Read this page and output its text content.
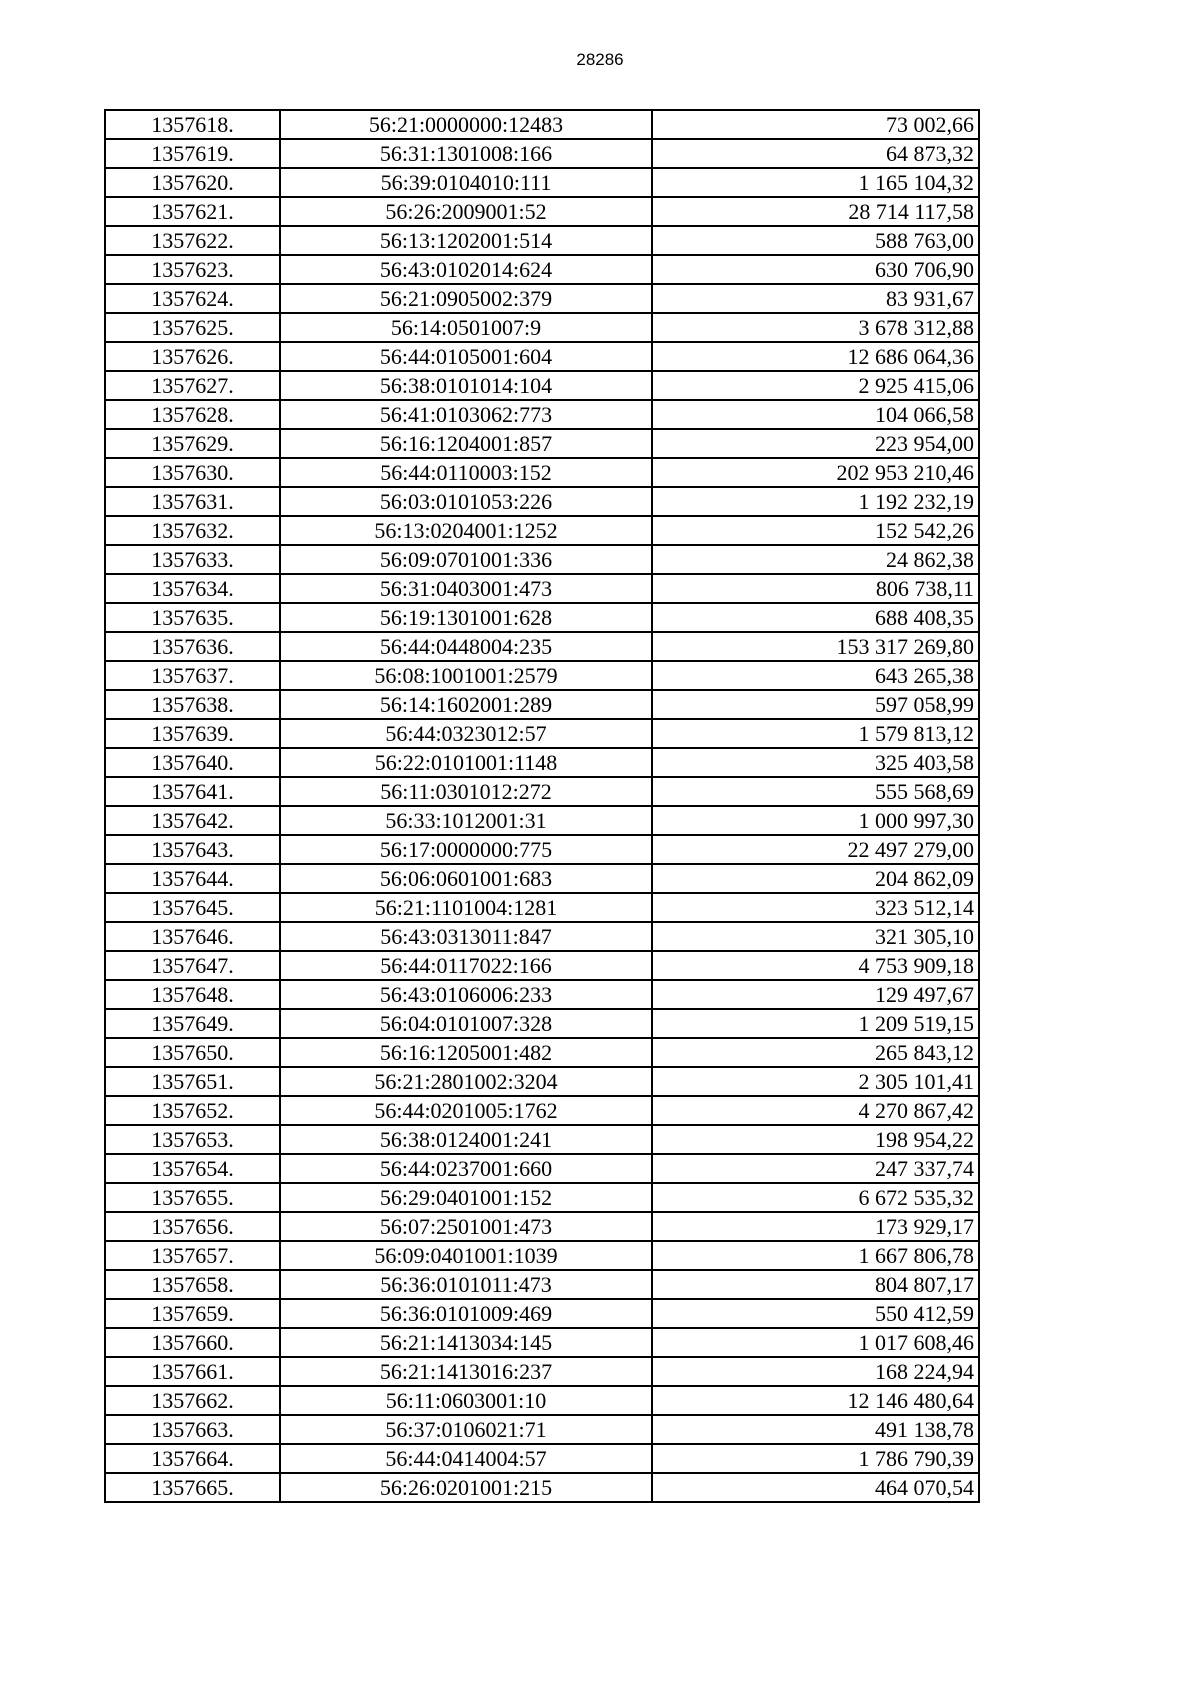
28286
1357618.	56:21:0000000:12483	73 002,66
1357619.	56:31:1301008:166	64 873,32
1357620.	56:39:0104010:111	1 165 104,32
1357621.	56:26:2009001:52	28 714 117,58
1357622.	56:13:1202001:514	588 763,00
1357623.	56:43:0102014:624	630 706,90
1357624.	56:21:0905002:379	83 931,67
1357625.	56:14:0501007:9	3 678 312,88
1357626.	56:44:0105001:604	12 686 064,36
1357627.	56:38:0101014:104	2 925 415,06
1357628.	56:41:0103062:773	104 066,58
1357629.	56:16:1204001:857	223 954,00
1357630.	56:44:0110003:152	202 953 210,46
1357631.	56:03:0101053:226	1 192 232,19
1357632.	56:13:0204001:1252	152 542,26
1357633.	56:09:0701001:336	24 862,38
1357634.	56:31:0403001:473	806 738,11
1357635.	56:19:1301001:628	688 408,35
1357636.	56:44:0448004:235	153 317 269,80
1357637.	56:08:1001001:2579	643 265,38
1357638.	56:14:1602001:289	597 058,99
1357639.	56:44:0323012:57	1 579 813,12
1357640.	56:22:0101001:1148	325 403,58
1357641.	56:11:0301012:272	555 568,69
1357642.	56:33:1012001:31	1 000 997,30
1357643.	56:17:0000000:775	22 497 279,00
1357644.	56:06:0601001:683	204 862,09
1357645.	56:21:1101004:1281	323 512,14
1357646.	56:43:0313011:847	321 305,10
1357647.	56:44:0117022:166	4 753 909,18
1357648.	56:43:0106006:233	129 497,67
1357649.	56:04:0101007:328	1 209 519,15
1357650.	56:16:1205001:482	265 843,12
1357651.	56:21:2801002:3204	2 305 101,41
1357652.	56:44:0201005:1762	4 270 867,42
1357653.	56:38:0124001:241	198 954,22
1357654.	56:44:0237001:660	247 337,74
1357655.	56:29:0401001:152	6 672 535,32
1357656.	56:07:2501001:473	173 929,17
1357657.	56:09:0401001:1039	1 667 806,78
1357658.	56:36:0101011:473	804 807,17
1357659.	56:36:0101009:469	550 412,59
1357660.	56:21:1413034:145	1 017 608,46
1357661.	56:21:1413016:237	168 224,94
1357662.	56:11:0603001:10	12 146 480,64
1357663.	56:37:0106021:71	491 138,78
1357664.	56:44:0414004:57	1 786 790,39
1357665.	56:26:0201001:215	464 070,54
